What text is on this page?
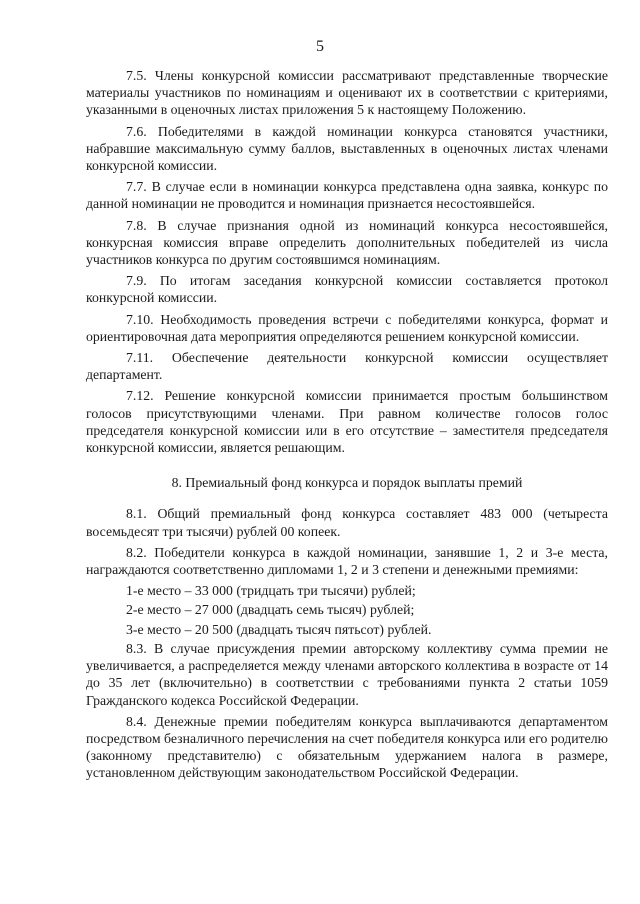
5

7.5. Члены конкурсной комиссии рассматривают представленные творческие материалы участников по номинациям и оценивают их в соответствии с критериями, указанными в оценочных листах приложения 5 к настоящему Положению.

7.6. Победителями в каждой номинации конкурса становятся участники, набравшие максимальную сумму баллов, выставленных в оценочных листах членами конкурсной комиссии.

7.7. В случае если в номинации конкурса представлена одна заявка, конкурс по данной номинации не проводится и номинация признается несостоявшейся.

7.8. В случае признания одной из номинаций конкурса несостоявшейся, конкурсная комиссия вправе определить дополнительных победителей из числа участников конкурса по другим состоявшимся номинациям.

7.9. По итогам заседания конкурсной комиссии составляется протокол конкурсной комиссии.

7.10. Необходимость проведения встречи с победителями конкурса, формат и ориентировочная дата мероприятия определяются решением конкурсной комиссии.

7.11. Обеспечение деятельности конкурсной комиссии осуществляет департамент.

7.12. Решение конкурсной комиссии принимается простым большинством голосов присутствующими членами. При равном количестве голосов голос председателя конкурсной комиссии или в его отсутствие – заместителя председателя конкурсной комиссии, является решающим.

8. Премиальный фонд конкурса и порядок выплаты премий

8.1. Общий премиальный фонд конкурса составляет 483 000 (четыреста восемьдесят три тысячи) рублей 00 копеек.

8.2. Победители конкурса в каждой номинации, занявшие 1, 2 и 3-е места, награждаются соответственно дипломами 1, 2 и 3 степени и денежными премиями:

1-е место – 33 000 (тридцать три тысячи) рублей;

2-е место – 27 000 (двадцать семь тысяч) рублей;

3-е место – 20 500 (двадцать тысяч пятьсот) рублей.

8.3. В случае присуждения премии авторскому коллективу сумма премии не увеличивается, а распределяется между членами авторского коллектива в возрасте от 14 до 35 лет (включительно) в соответствии с требованиями пункта 2 статьи 1059 Гражданского кодекса Российской Федерации.

8.4. Денежные премии победителям конкурса выплачиваются департаментом посредством безналичного перечисления на счет победителя конкурса или его родителю (законному представителю) с обязательным удержанием налога в размере, установленном действующим законодательством Российской Федерации.
